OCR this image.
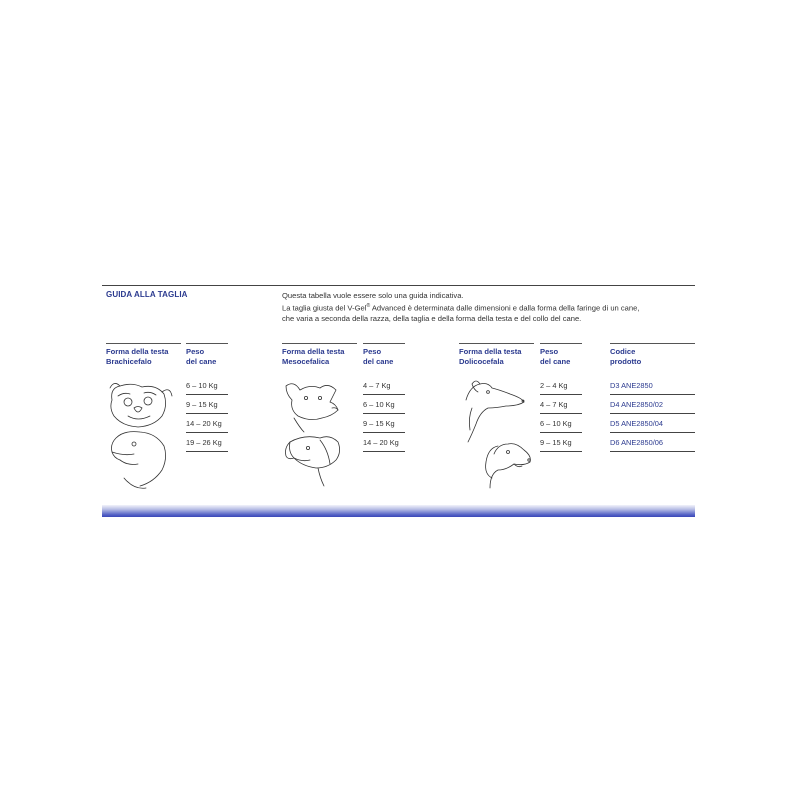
GUIDA ALLA TAGLIA	Questa tabella vuole essere solo una guida indicativa.
La taglia giusta del V-Gel® Advanced è determinata dalle dimensioni e dalla forma della faringe di un cane,
che varia a seconda della razza, della taglia e della forma della testa e del collo del cane.
Forma della testa
Brachicefalo
Peso
del cane
6 – 10 Kg
9 – 15 Kg
14 – 20 Kg
19 – 26 Kg
Forma della testa
Mesocefalica
Peso
del cane
4 – 7 Kg
6 – 10 Kg
9 – 15 Kg
14 – 20 Kg
Forma della testa
Dolicocefala
Peso
del cane
2 – 4 Kg
4 – 7 Kg
6 – 10 Kg
9 – 15 Kg
Codice
prodotto
D3 ANE2850
D4 ANE2850/02
D5 ANE2850/04
D6 ANE2850/06
